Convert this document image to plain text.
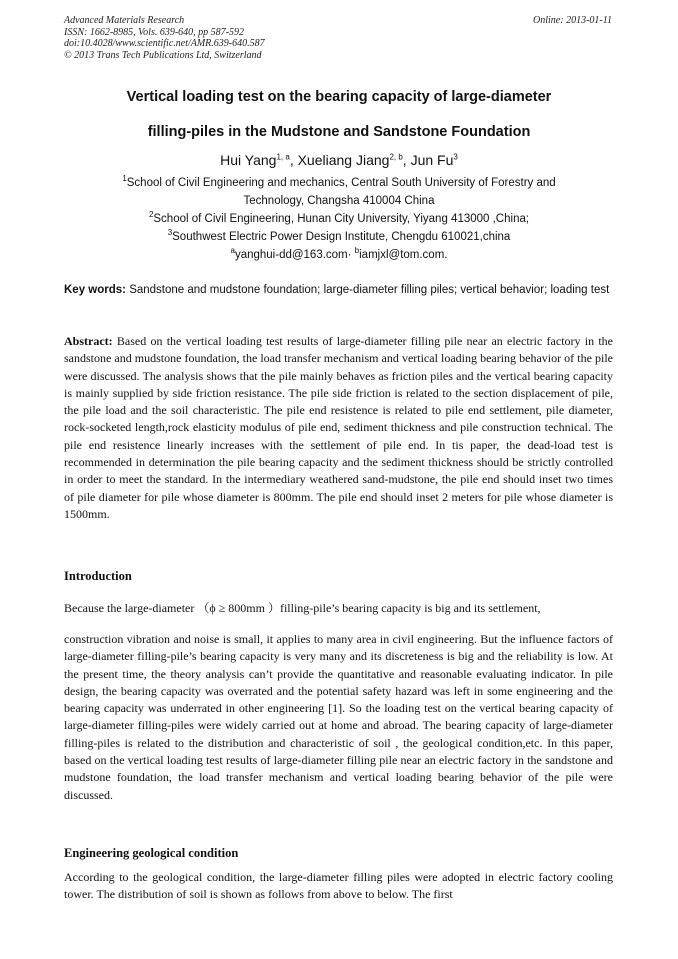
Advanced Materials Research
ISSN: 1662-8985, Vols. 639-640, pp 587-592
doi:10.4028/www.scientific.net/AMR.639-640.587
© 2013 Trans Tech Publications Ltd, Switzerland
Online: 2013-01-11
Vertical loading test on the bearing capacity of large-diameter
filling-piles in the Mudstone and Sandstone Foundation
Hui Yang$^{1, a}$, Xueliang Jiang$^{2, b}$, Jun Fu$^3$
$^1$School of Civil Engineering and mechanics, Central South University of Forestry and
Technology, Changsha 410004 China
$^2$School of Civil Engineering, Hunan City University, Yiyang 413000 ,China;
$^3$Southwest Electric Power Design Institute, Chengdu 610021,china
$^a$yanghui-dd@163.com· $^b$iamjxl@tom.com.
Key words: Sandstone and mudstone foundation; large-diameter filling piles; vertical behavior; loading test
Abstract: Based on the vertical loading test results of large-diameter filling pile near an electric factory in the sandstone and mudstone foundation, the load transfer mechanism and vertical loading bearing behavior of the pile were discussed. The analysis shows that the pile mainly behaves as friction piles and the vertical bearing capacity is mainly supplied by side friction resistance. The pile side friction is related to the section displacement of pile, the pile load and the soil characteristic. The pile end resistence is related to pile end settlement, pile diameter, rock-socketed length,rock elasticity modulus of pile end, sediment thickness and pile construction technical. The pile end resistence linearly increases with the settlement of pile end. In tis paper, the dead-load test is recommended in determination the pile bearing capacity and the sediment thickness should be strictly controlled in order to meet the standard. In the intermediary weathered sand-mudstone, the pile end should inset two times of pile diameter for pile whose diameter is 800mm. The pile end should inset 2 meters for pile whose diameter is 1500mm.
Introduction
Because the large-diameter （ϕ ≥ 800mm ）filling-pile’s bearing capacity is big and its settlement,
construction vibration and noise is small, it applies to many area in civil engineering. But the influence factors of large-diameter filling-pile’s bearing capacity is very many and its discreteness is big and the reliability is low. At the present time, the theory analysis can’t provide the quantitative and reasonable evaluating indicator. In pile design, the bearing capacity was overrated and the potential safety hazard was left in some engineering and the bearing capacity was underrated in other engineering [1]. So the loading test on the vertical bearing capacity of large-diameter filling-piles were widely carried out at home and abroad. The bearing capacity of large-diameter filling-piles is related to the distribution and characteristic of soil , the geological condition,etc. In this paper, based on the vertical loading test results of large-diameter filling pile near an electric factory in the sandstone and mudstone foundation, the load transfer mechanism and vertical loading bearing behavior of the pile were discussed.
Engineering geological condition
According to the geological condition, the large-diameter filling piles were adopted in electric factory cooling tower. The distribution of soil is shown as follows from above to below. The first
